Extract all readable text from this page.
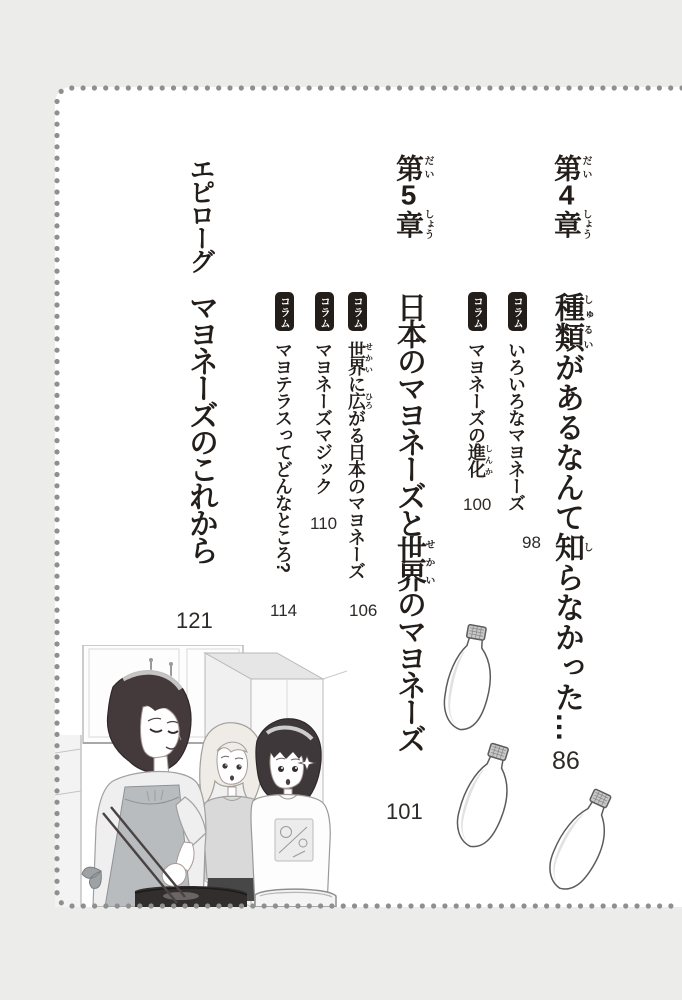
第だい4章しょう
種類しゅるいがあるなんて知しらなかった…
86
コラム
いろいろなマヨネーズ
98
コラム
マヨネーズの進化しんか
100
第だい5章しょう
日本のマヨネーズと世界せかいのマヨネーズ
101
コラム
世界せかいに広ひろがる日本のマヨネーズ
106
コラム
マヨネーズマジック
110
コラム
マヨテラスってどんなところ?
114
エピローグ
マヨネーズのこれから
121
